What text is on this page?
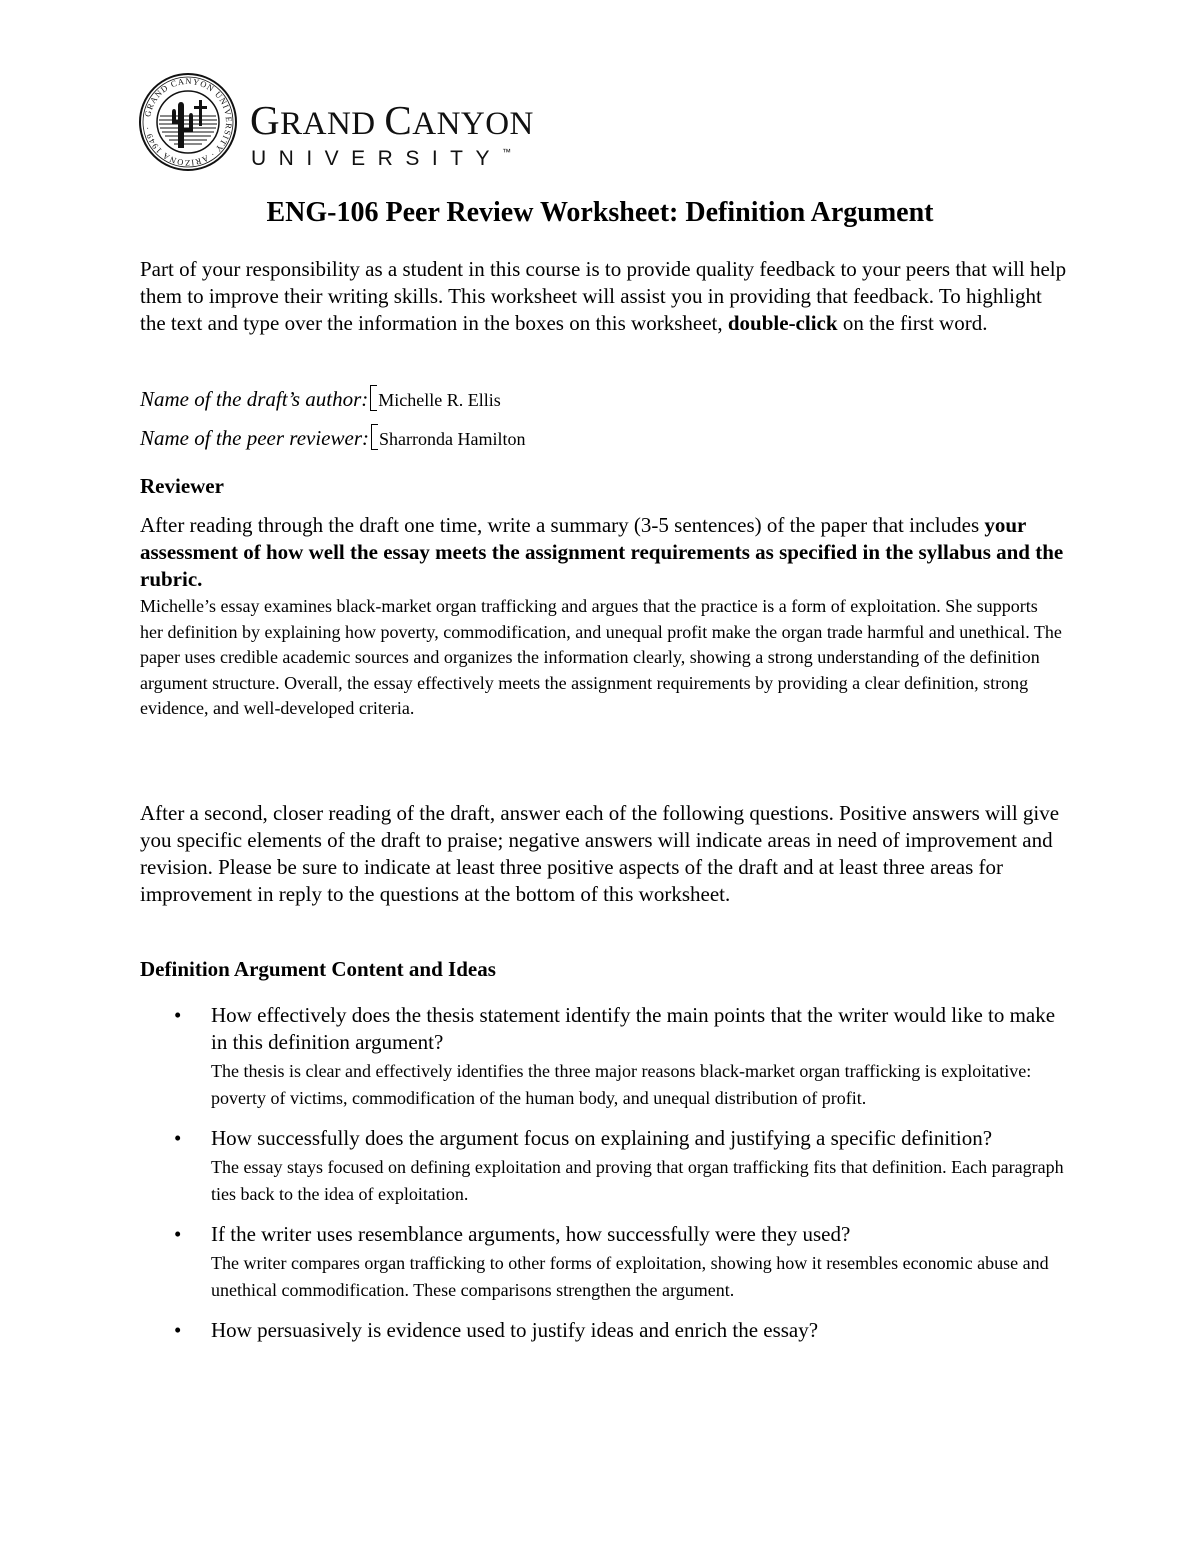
GRAND CANYON UNIVERSITY · ARIZONA 1949 ·	GRAND CANYON
UNIVERSITY™
ENG-106 Peer Review Worksheet: Definition Argument
Part of your responsibility as a student in this course is to provide quality feedback to your peers that will help them to improve their writing skills. This worksheet will assist you in providing that feedback. To highlight the text and type over the information in the boxes on this worksheet, double-click on the first word.
Name of the draft’s author: Michelle R. Ellis
Name of the peer reviewer: Sharronda Hamilton
Reviewer
After reading through the draft one time, write a summary (3-5 sentences) of the paper that includes your assessment of how well the essay meets the assignment requirements as specified in the syllabus and the rubric.
Michelle’s essay examines black-market organ trafficking and argues that the practice is a form of exploitation. She supports her definition by explaining how poverty, commodification, and unequal profit make the organ trade harmful and unethical. The paper uses credible academic sources and organizes the information clearly, showing a strong understanding of the definition argument structure. Overall, the essay effectively meets the assignment requirements by providing a clear definition, strong evidence, and well-developed criteria.
After a second, closer reading of the draft, answer each of the following questions. Positive answers will give you specific elements of the draft to praise; negative answers will indicate areas in need of improvement and revision. Please be sure to indicate at least three positive aspects of the draft and at least three areas for improvement in reply to the questions at the bottom of this worksheet.
Definition Argument Content and Ideas
• How effectively does the thesis statement identify the main points that the writer would like to make in this definition argument?
The thesis is clear and effectively identifies the three major reasons black-market organ trafficking is exploitative: poverty of victims, commodification of the human body, and unequal distribution of profit.
• How successfully does the argument focus on explaining and justifying a specific definition?
The essay stays focused on defining exploitation and proving that organ trafficking fits that definition. Each paragraph ties back to the idea of exploitation.
• If the writer uses resemblance arguments, how successfully were they used?
The writer compares organ trafficking to other forms of exploitation, showing how it resembles economic abuse and unethical commodification. These comparisons strengthen the argument.
• How persuasively is evidence used to justify ideas and enrich the essay?
